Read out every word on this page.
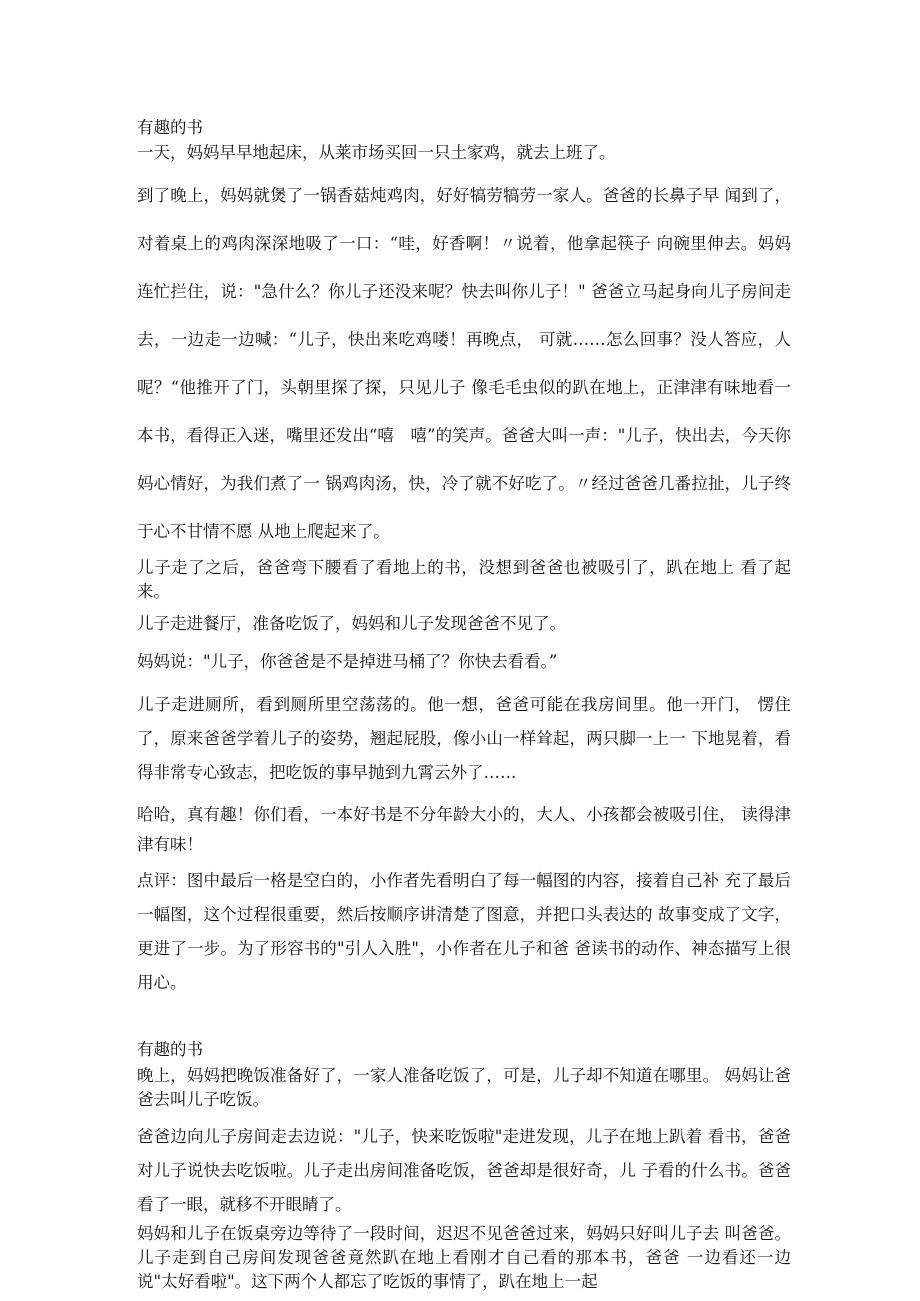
有趣的书

一天，妈妈早早地起床，从莱市场买回一只土家鸡，就去上班了。

到了晚上，妈妈就煲了一锅香菇炖鸡肉，好好犒劳犒劳一家人。爸爸的长鼻子早 闻到了，对着桌上的鸡肉深深地吸了一口：“哇，好香啊！〃说着，他拿起筷子 向碗里伸去。妈妈连忙拦住，说："急什么？你儿子还没来呢？快去叫你儿子！" 爸爸立马起身向儿子房间走去，一边走一边喊：“儿子，快出来吃鸡喽！再晚点， 可就……怎么回事？没人答应，人呢？“他推开了门，头朝里探了探，只见儿子 像毛毛虫似的趴在地上，正津津有味地看一本书，看得正入迷，嘴里还发出“嘻　嘻”的笑声。爸爸大叫一声："儿子，快出去，今天你妈心情好，为我们煮了一 锅鸡肉汤，快，冷了就不好吃了。〃经过爸爸几番拉扯，儿子终于心不甘情不愿 从地上爬起来了。

儿子走了之后，爸爸弯下腰看了看地上的书，没想到爸爸也被吸引了，趴在地上 看了起来。

儿子走进餐厅，准备吃饭了，妈妈和儿子发现爸爸不见了。

妈妈说："儿子，你爸爸是不是掉进马桶了？你快去看看。”

儿子走进厕所，看到厕所里空荡荡的。他一想，爸爸可能在我房间里。他一开门， 愣住了，原来爸爸学着儿子的姿势，翘起屁股，像小山一样耸起，两只脚一上一 下地晃着，看得非常专心致志，把吃饭的事早抛到九霄云外了……

哈哈，真有趣！你们看，一本好书是不分年龄大小的，大人、小孩都会被吸引住， 读得津津有味！

点评：图中最后一格是空白的，小作者先看明白了每一幅图的内容，接着自己补 充了最后一幅图，这个过程很重要，然后按顺序讲清楚了图意，并把口头表达的 故事变成了文字，更进了一步。为了形容书的"引人入胜"，小作者在儿子和爸 爸读书的动作、神态描写上很用心。

有趣的书

晚上，妈妈把晚饭准备好了，一家人准备吃饭了，可是，儿子却不知道在哪里。 妈妈让爸爸去叫儿子吃饭。

爸爸边向儿子房间走去边说："儿子，快来吃饭啦"走进发现，儿子在地上趴着 看书，爸爸对儿子说快去吃饭啦。儿子走出房间准备吃饭，爸爸却是很好奇，儿 子看的什么书。爸爸看了一眼，就移不开眼睛了。

妈妈和儿子在饭桌旁边等待了一段时间，迟迟不见爸爸过来，妈妈只好叫儿子去 叫爸爸。儿子走到自己房间发现爸爸竟然趴在地上看刚才自己看的那本书，爸爸 一边看还一边说"太好看啦"。这下两个人都忘了吃饭的事情了，趴在地上一起
